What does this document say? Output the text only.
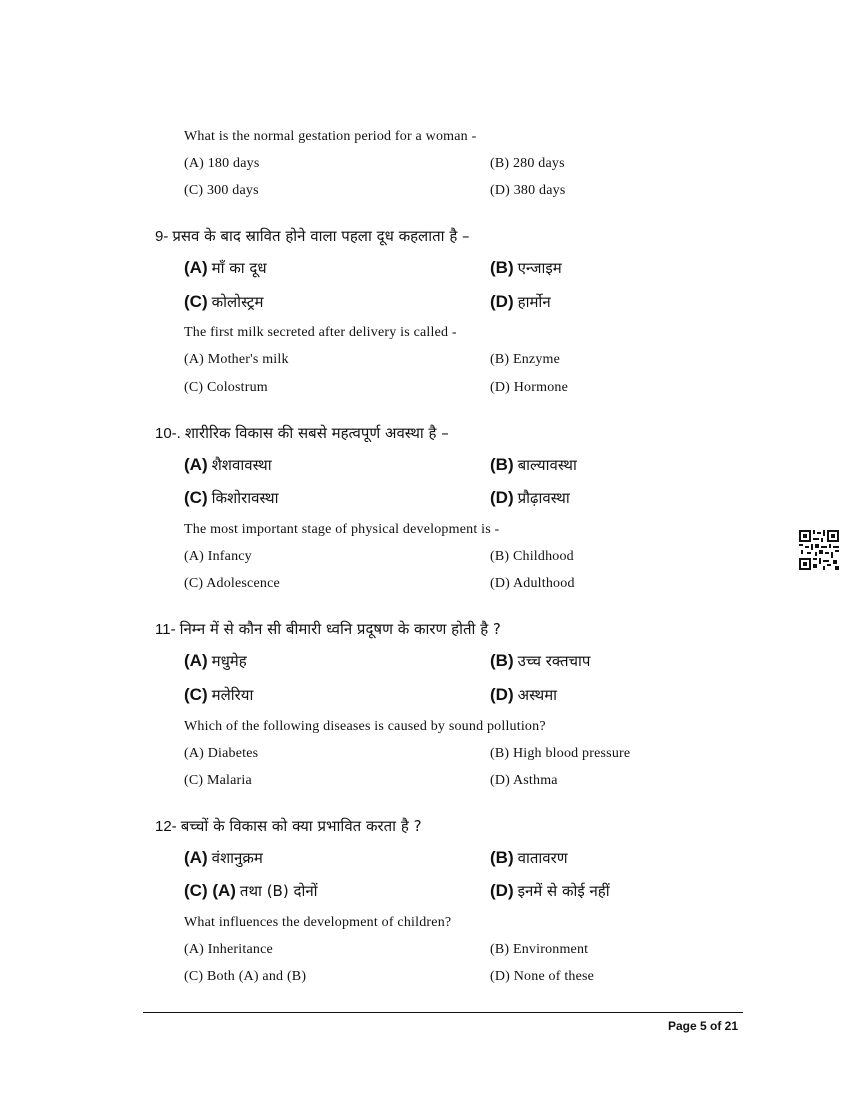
What is the normal gestation period for a woman -
(A) 180 days	(B) 280 days
(C) 300 days	(D) 380 days
9- प्रसव के बाद स्रावित होने वाला पहला दूध कहलाता है –
(A) माँ का दूध	(B) एन्जाइम
(C) कोलोस्ट्रम	(D) हार्मोन
The first milk secreted after delivery is called -
(A) Mother's milk	(B) Enzyme
(C) Colostrum	(D) Hormone
10-. शारीरिक विकास की सबसे महत्वपूर्ण अवस्था है –
(A) शैशवावस्था	(B) बाल्यावस्था
(C) किशोरावस्था	(D) प्रौढ़ावस्था
The most important stage of physical development is -
(A) Infancy	(B) Childhood
(C) Adolescence	(D) Adulthood
11- निम्न में से कौन सी बीमारी ध्वनि प्रदूषण के कारण होती है ?
(A) मधुमेह	(B) उच्च रक्तचाप
(C) मलेरिया	(D) अस्थमा
Which of the following diseases is caused by sound pollution?
(A) Diabetes	(B) High blood pressure
(C) Malaria	(D) Asthma
12- बच्चों के विकास को क्या प्रभावित करता है ?
(A) वंशानुक्रम	(B) वातावरण
(C) (A) तथा (B) दोनों	(D) इनमें से कोई नहीं
What influences the development of children?
(A) Inheritance	(B) Environment
(C) Both (A) and (B)	(D) None of these
Page 5 of 21
